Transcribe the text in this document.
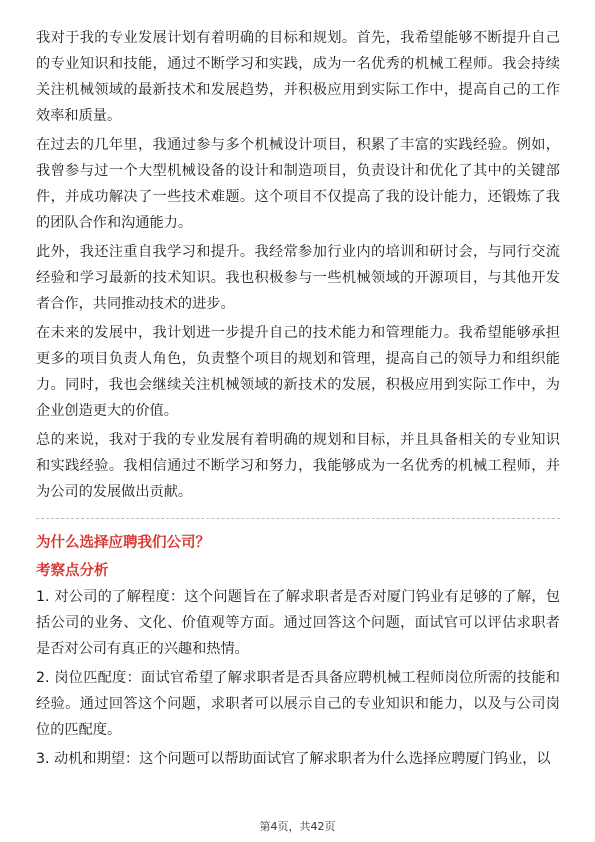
我对于我的专业发展计划有着明确的目标和规划。首先，我希望能够不断提升自己的专业知识和技能，通过不断学习和实践，成为一名优秀的机械工程师。我会持续关注机械领域的最新技术和发展趋势，并积极应用到实际工作中，提高自己的工作效率和质量。

在过去的几年里，我通过参与多个机械设计项目，积累了丰富的实践经验。例如，我曾参与过一个大型机械设备的设计和制造项目，负责设计和优化了其中的关键部件，并成功解决了一些技术难题。这个项目不仅提高了我的设计能力，还锻炼了我的团队合作和沟通能力。

此外，我还注重自我学习和提升。我经常参加行业内的培训和研讨会，与同行交流经验和学习最新的技术知识。我也积极参与一些机械领域的开源项目，与其他开发者合作，共同推动技术的进步。

在未来的发展中，我计划进一步提升自己的技术能力和管理能力。我希望能够承担更多的项目负责人角色，负责整个项目的规划和管理，提高自己的领导力和组织能力。同时，我也会继续关注机械领域的新技术的发展，积极应用到实际工作中，为企业创造更大的价值。

总的来说，我对于我的专业发展有着明确的规划和目标，并且具备相关的专业知识和实践经验。我相信通过不断学习和努力，我能够成为一名优秀的机械工程师，并为公司的发展做出贡献。

为什么选择应聘我们公司？

考察点分析

1. 对公司的了解程度：这个问题旨在了解求职者是否对厦门钨业有足够的了解，包括公司的业务、文化、价值观等方面。通过回答这个问题，面试官可以评估求职者是否对公司有真正的兴趣和热情。

2. 岗位匹配度：面试官希望了解求职者是否具备应聘机械工程师岗位所需的技能和经验。通过回答这个问题，求职者可以展示自己的专业知识和能力，以及与公司岗位的匹配度。

3. 动机和期望：这个问题可以帮助面试官了解求职者为什么选择应聘厦门钨业，以

第4页，共42页
